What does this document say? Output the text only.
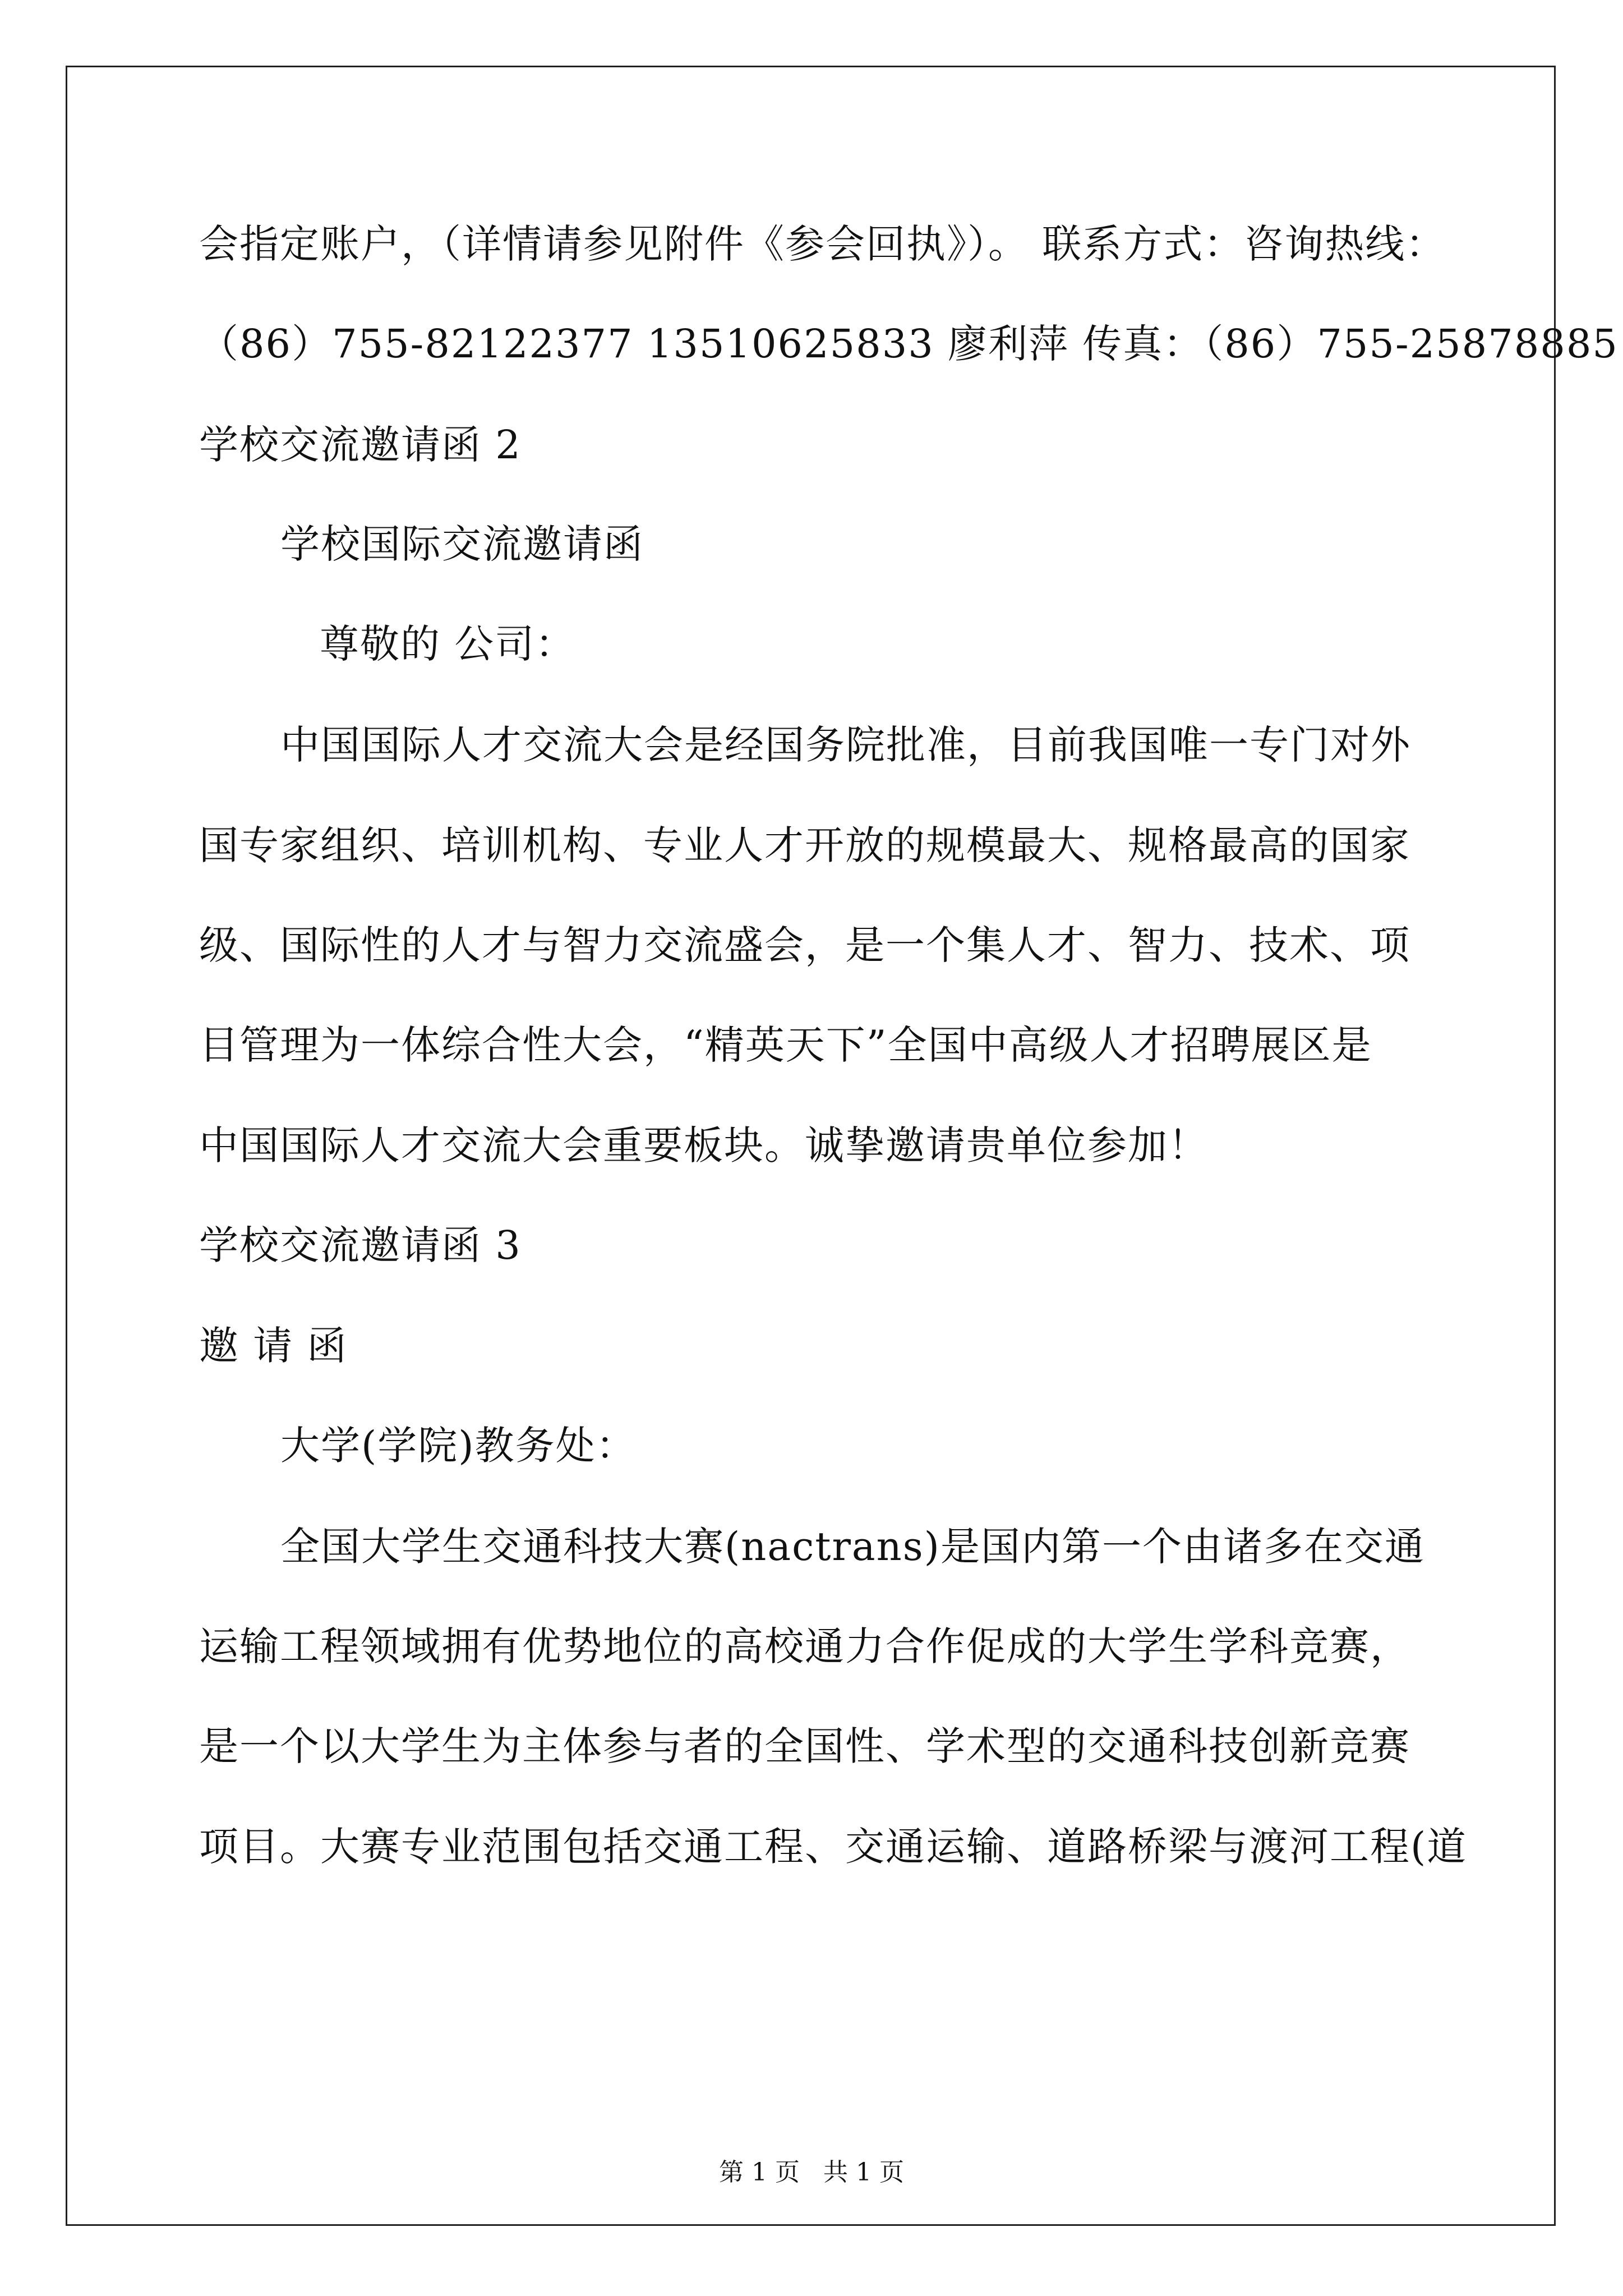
会指定账户，（详情请参见附件《参会回执》）。 联系方式：咨询热线：
（86）755-82122377 13510625833 廖利萍 传真：（86）755-25878885
学校交流邀请函 2
学校国际交流邀请函
尊敬的 公司：
中国国际人才交流大会是经国务院批准，目前我国唯一专门对外
国专家组织、培训机构、专业人才开放的规模最大、规格最高的国家
级、国际性的人才与智力交流盛会，是一个集人才、智力、技术、项
目管理为一体综合性大会，“精英天下”全国中高级人才招聘展区是
中国国际人才交流大会重要板块。诚挚邀请贵单位参加！
学校交流邀请函 3
邀 请 函
大学(学院)教务处：
全国大学生交通科技大赛(nactrans)是国内第一个由诸多在交通
运输工程领域拥有优势地位的高校通力合作促成的大学生学科竞赛，
是一个以大学生为主体参与者的全国性、学术型的交通科技创新竞赛
项目。大赛专业范围包括交通工程、交通运输、道路桥梁与渡河工程(道
第 1 页 共 1 页
